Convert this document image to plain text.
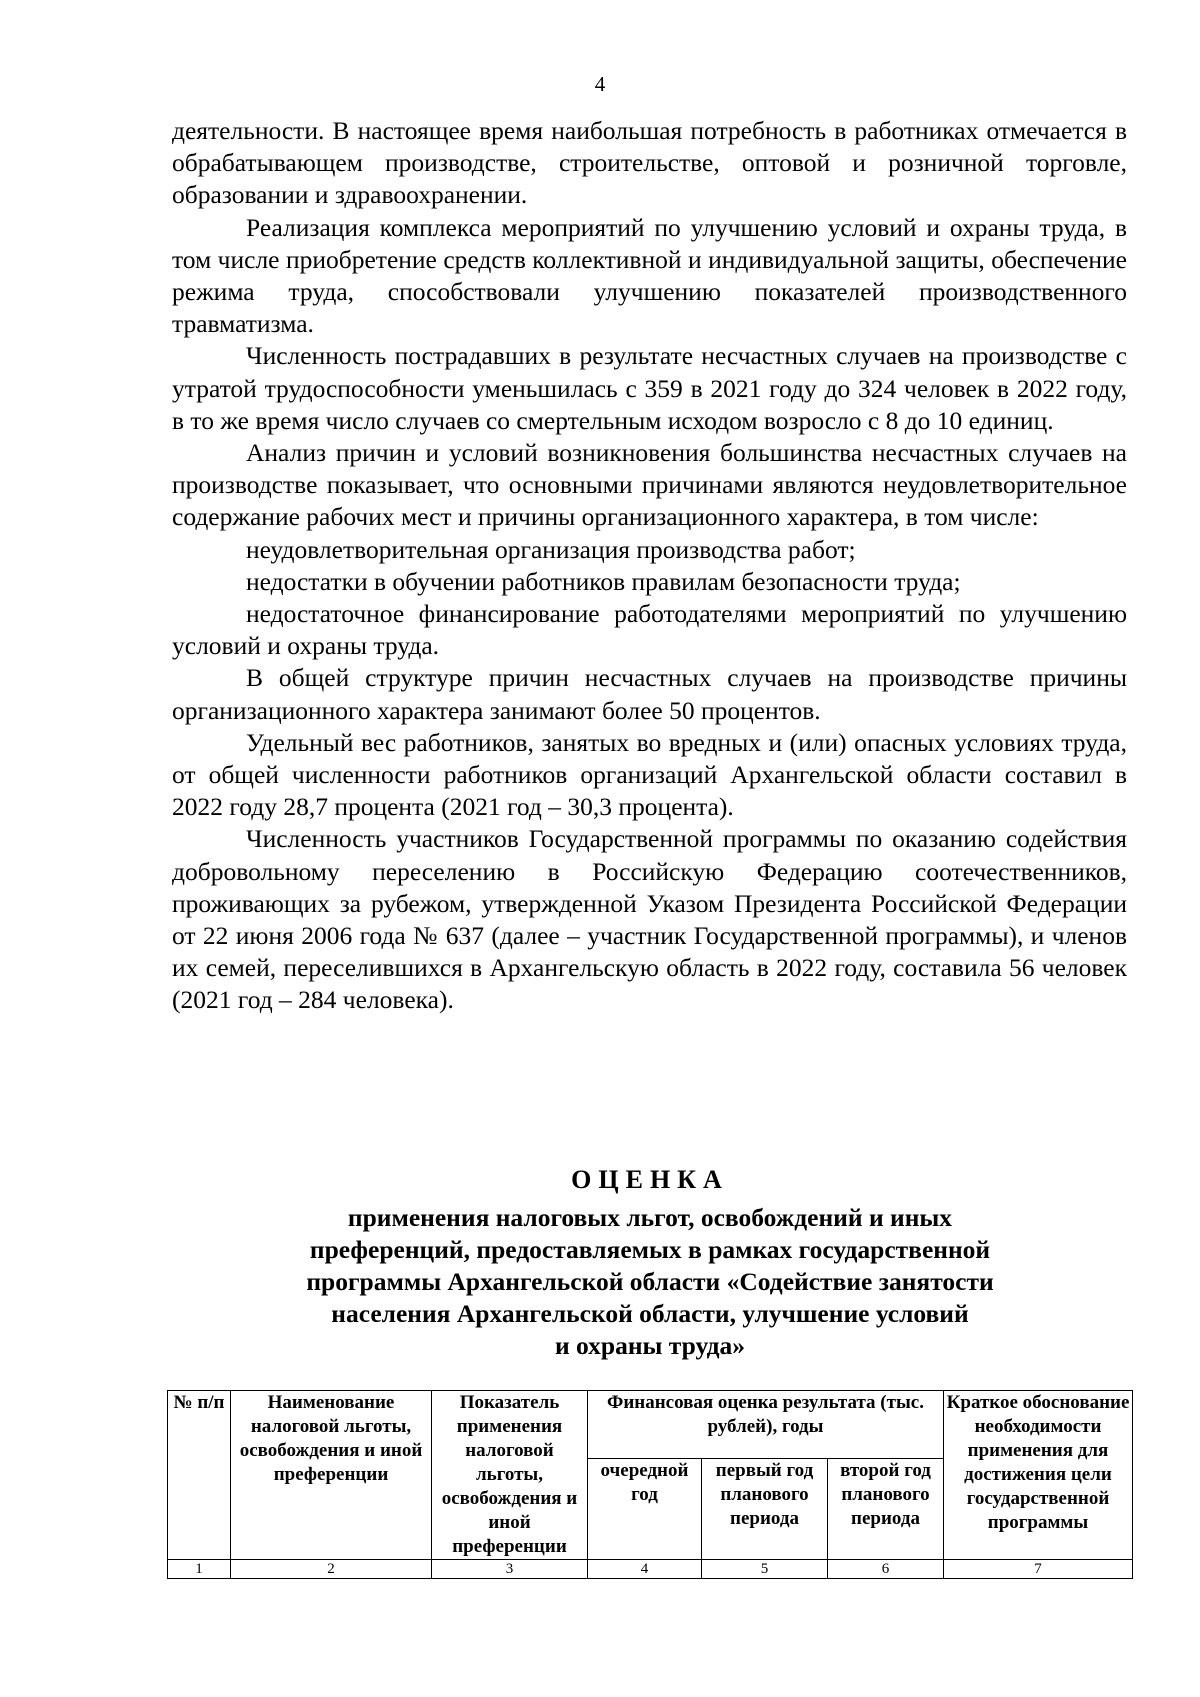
4

деятельности. В настоящее время наибольшая потребность в работниках отмечается в обрабатывающем производстве, строительстве, оптовой и розничной торговле, образовании и здравоохранении.

Реализация комплекса мероприятий по улучшению условий и охраны труда, в том числе приобретение средств коллективной и индивидуальной защиты, обеспечение режима труда, способствовали улучшению показателей производственного травматизма.

Численность пострадавших в результате несчастных случаев на производстве с утратой трудоспособности уменьшилась с 359 в 2021 году до 324 человек в 2022 году, в то же время число случаев со смертельным исходом возросло с 8 до 10 единиц.

Анализ причин и условий возникновения большинства несчастных случаев на производстве показывает, что основными причинами являются неудовлетворительное содержание рабочих мест и причины организационного характера, в том числе:

неудовлетворительная организация производства работ;

недостатки в обучении работников правилам безопасности труда;

недостаточное финансирование работодателями мероприятий по улучшению условий и охраны труда.

В общей структуре причин несчастных случаев на производстве причины организационного характера занимают более 50 процентов.

Удельный вес работников, занятых во вредных и (или) опасных условиях труда, от общей численности работников организаций Архангельской области составил в 2022 году 28,7 процента (2021 год – 30,3 процента).

Численность участников Государственной программы по оказанию содействия добровольному переселению в Российскую Федерацию соотечественников, проживающих за рубежом, утвержденной Указом Президента Российской Федерации от 22 июня 2006 года № 637 (далее – участник Государственной программы), и членов их семей, переселившихся в Архангельскую область в 2022 году, составила 56 человек (2021 год – 284 человека).

ОЦЕНКА
применения налоговых льгот, освобождений и иных
преференций, предоставляемых в рамках государственной
программы Архангельской области «Содействие занятости
населения Архангельской области, улучшение условий
и охраны труда»
№ п/п	Наименование налоговой льготы, освобождения и иной преференции	Показатель применения налоговой льготы, освобождения и иной преференции	Финансовая оценка результата (тыс. рублей), годы			Краткое обоснование необходимости применения для достижения цели государственной программы
			очередной год	первый год планового периода	второй год планового периода	
1	2	3	4	5	6	7
